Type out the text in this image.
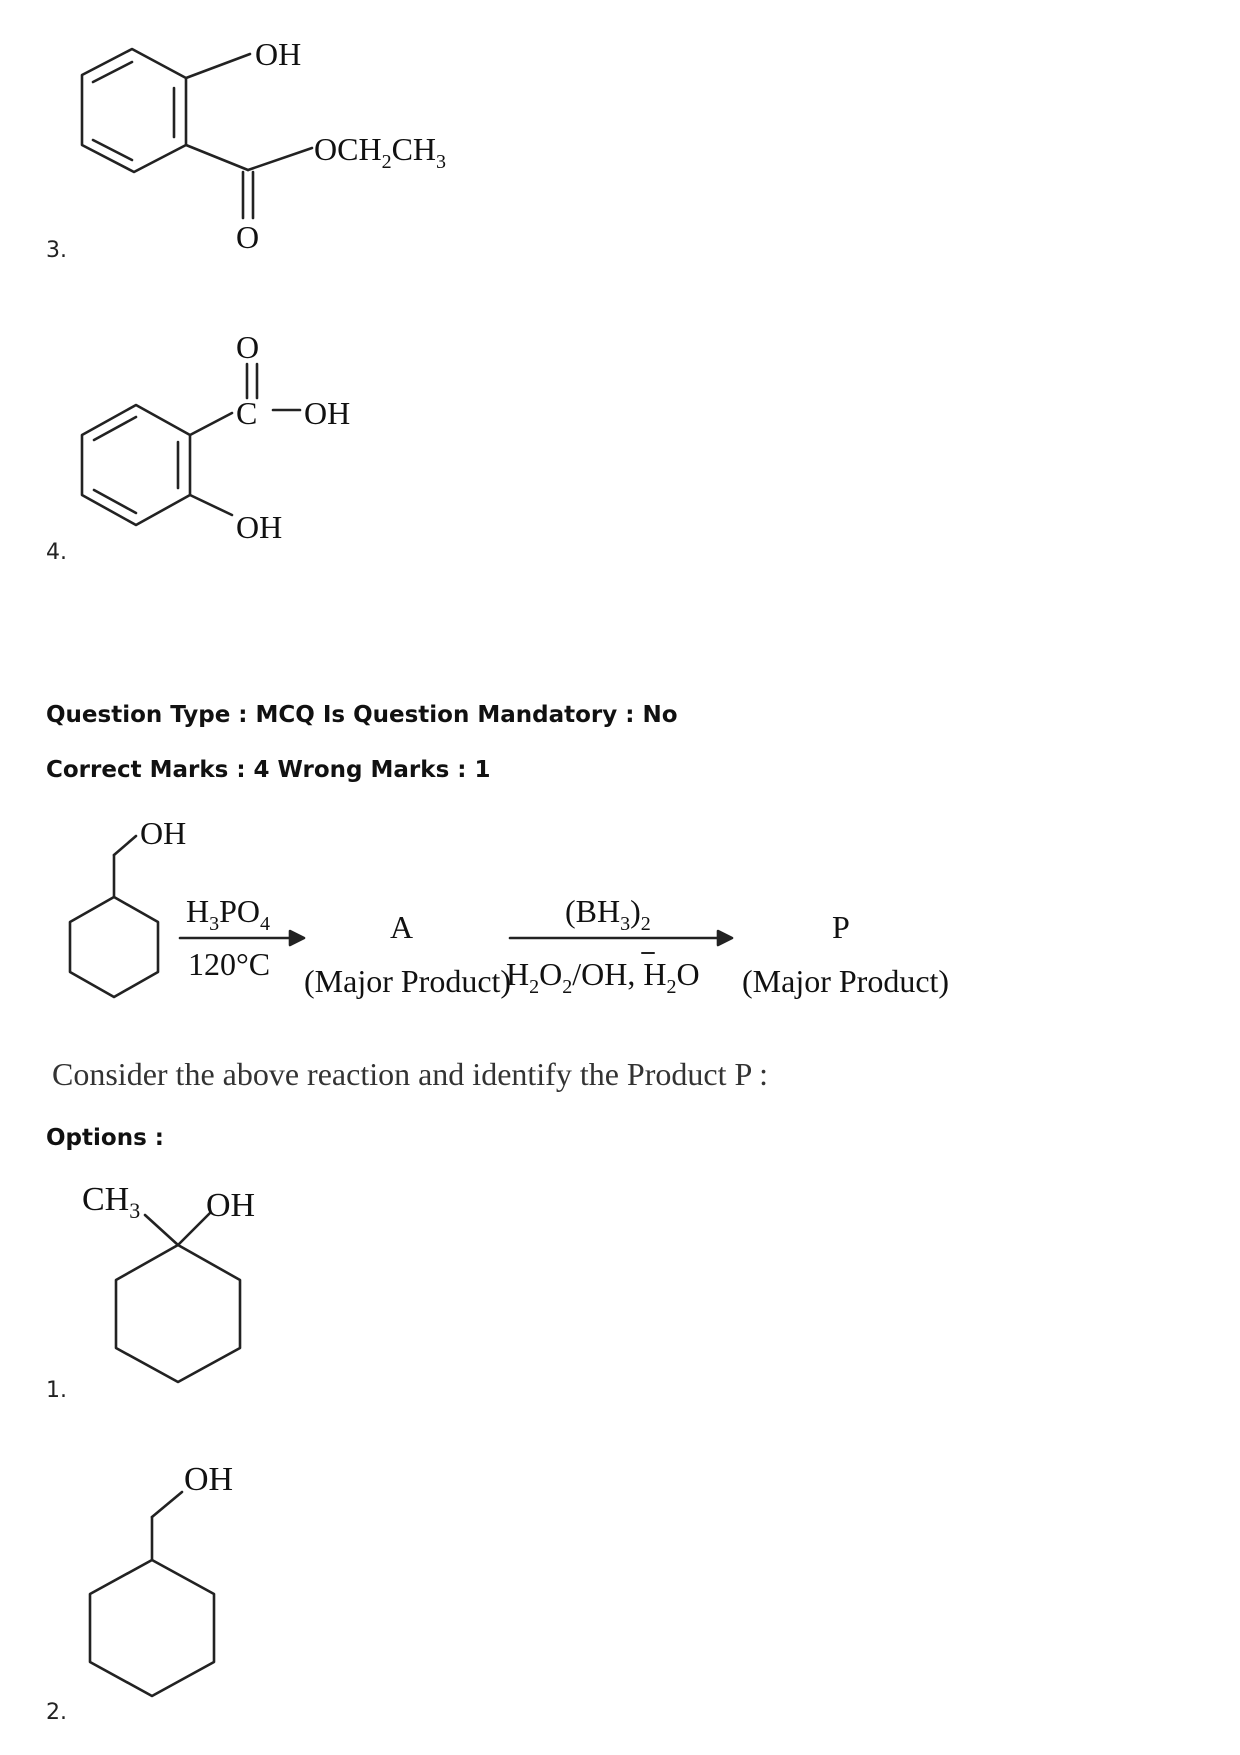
3.
OH
$OCH_2CH_3$
O
4.
O
C OH
OH
Question Type : MCQ Is Question Mandatory : No
Correct Marks : 4 Wrong Marks : 1
OH
$H_3PO_4$
120°C
A
(Major Product)
$(BH_3)_2$
$H_2O_2/OH$, $H_2O$
P
(Major Product)
Consider the above reaction and identify the Product P :
Options :
1.
$CH_3$ OH
2.
OH
